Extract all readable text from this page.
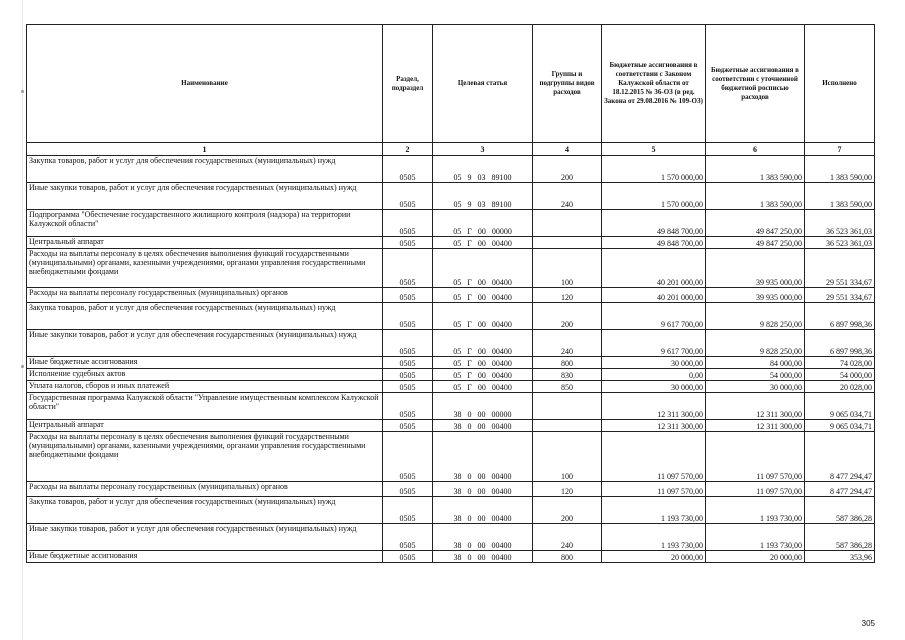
Наименование	Раздел, подраздел	Целевая статья	Группы и подгруппы видов расходов	Бюджетные ассигнования в соответствии с Законом Калужской области от 18.12.2015 № 36-ОЗ (в ред. Закона от 29.08.2016 № 109-ОЗ)	Бюджетные ассигнования в соответствии с уточненной бюджетной росписью расходов	Исполнено
1	2	3	4	5	6	7
Закупка товаров, работ и услуг для обеспечения государственных (муниципальных) нужд	0505	05 9 03 89100	200	1 570 000,00	1 383 590,00	1 383 590,00
Иные закупки товаров, работ и услуг для обеспечения государственных (муниципальных) нужд	0505	05 9 03 89100	240	1 570 000,00	1 383 590,00	1 383 590,00
Подпрограмма "Обеспечение государственного жилищного контроля (надзора) на территории Калужской области"	0505	05 Г 00 00000		49 848 700,00	49 847 250,00	36 523 361,03
Центральный аппарат	0505	05 Г 00 00400		49 848 700,00	49 847 250,00	36 523 361,03
Расходы на выплаты персоналу в целях обеспечения выполнения функций государственными (муниципальными) органами, казенными учреждениями, органами управления государственными внебюджетными фондами	0505	05 Г 00 00400	100	40 201 000,00	39 935 000,00	29 551 334,67
Расходы на выплаты персоналу государственных (муниципальных) органов	0505	05 Г 00 00400	120	40 201 000,00	39 935 000,00	29 551 334,67
Закупка товаров, работ и услуг для обеспечения государственных (муниципальных) нужд	0505	05 Г 00 00400	200	9 617 700,00	9 828 250,00	6 897 998,36
Иные закупки товаров, работ и услуг для обеспечения государственных (муниципальных) нужд	0505	05 Г 00 00400	240	9 617 700,00	9 828 250,00	6 897 998,36
Иные бюджетные ассигнования	0505	05 Г 00 00400	800	30 000,00	84 000,00	74 028,00
Исполнение судебных актов	0505	05 Г 00 00400	830	0,00	54 000,00	54 000,00
Уплата налогов, сборов и иных платежей	0505	05 Г 00 00400	850	30 000,00	30 000,00	20 028,00
Государственная программа Калужской области "Управление имущественным комплексом Калужской области"	0505	38 0 00 00000		12 311 300,00	12 311 300,00	9 065 034,71
Центральный аппарат	0505	38 0 00 00400		12 311 300,00	12 311 300,00	9 065 034,71
Расходы на выплаты персоналу в целях обеспечения выполнения функций государственными (муниципальными) органами, казенными учреждениями, органами управления государственными внебюджетными фондами	0505	38 0 00 00400	100	11 097 570,00	11 097 570,00	8 477 294,47
Расходы на выплаты персоналу государственных (муниципальных) органов	0505	38 0 00 00400	120	11 097 570,00	11 097 570,00	8 477 294,47
Закупка товаров, работ и услуг для обеспечения государственных (муниципальных) нужд	0505	38 0 00 00400	200	1 193 730,00	1 193 730,00	587 386,28
Иные закупки товаров, работ и услуг для обеспечения государственных (муниципальных) нужд	0505	38 0 00 00400	240	1 193 730,00	1 193 730,00	587 386,28
Иные бюджетные ассигнования	0505	38 0 00 00400	800	20 000,00	20 000,00	353,96
305
